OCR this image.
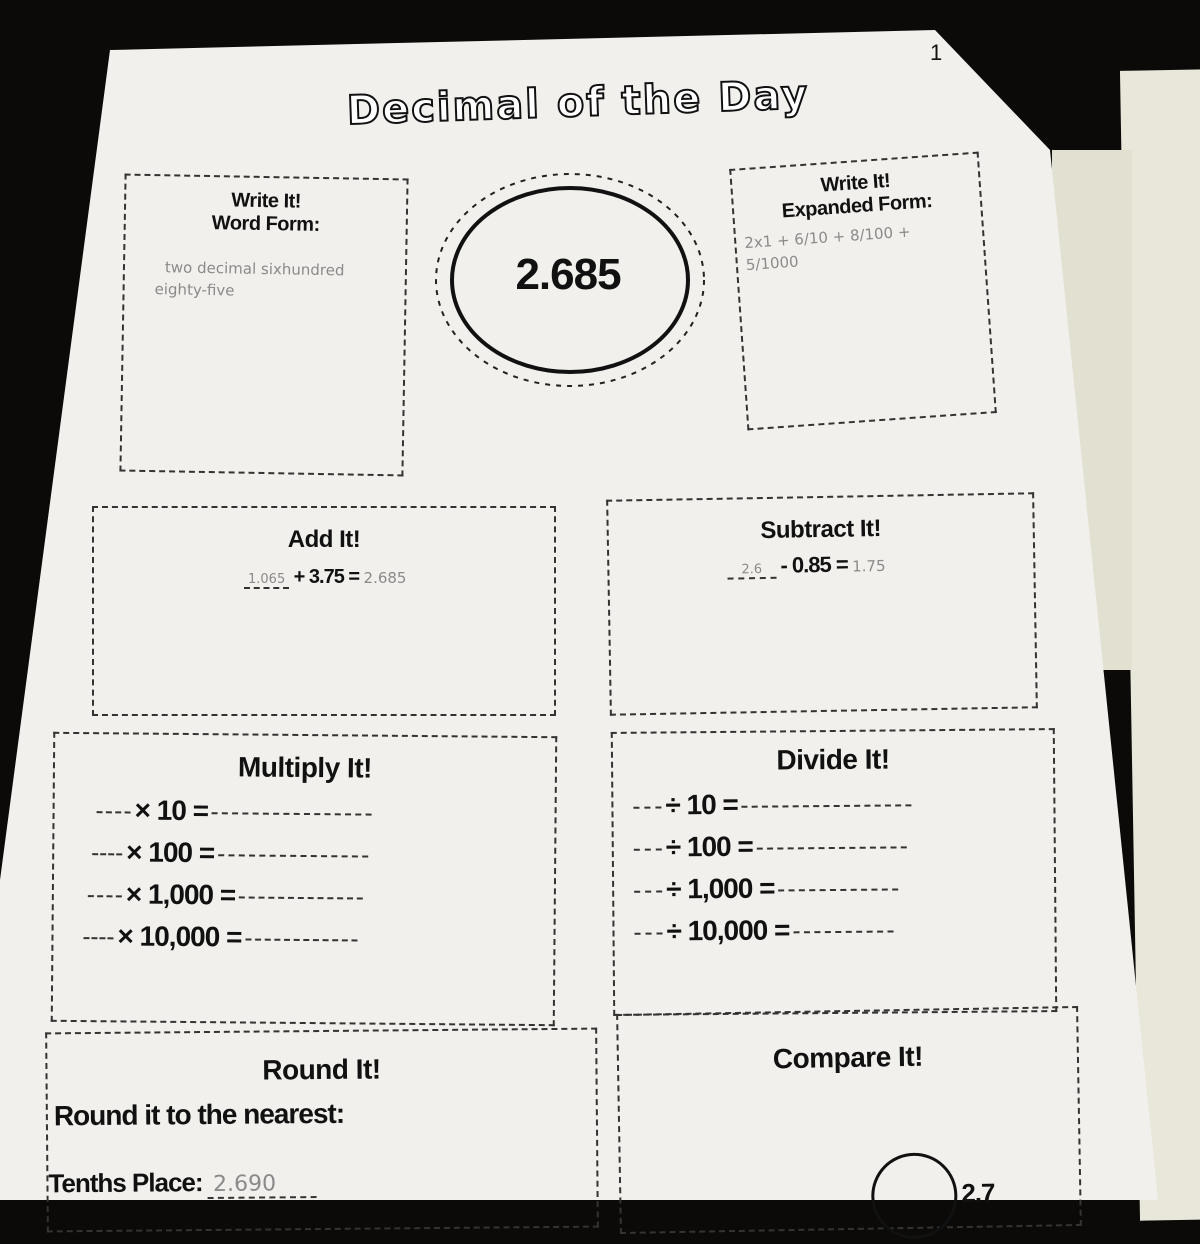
1
Decimal of the Day
Write It!
Word Form:
two decimal sixhundred
eighty-five	2.685
Write It!
Expanded Form:
2x1 + 6/10 + 8/100 +
5/1000
Add It!
1.065 + 3.75 = 2.685
Subtract It!
2.6 - 0.85 = 1.75
Multiply It!
× 10 =
× 100 =
× 1,000 =
× 10,000 =
Divide It!
÷ 10 =
÷ 100 =
÷ 1,000 =
÷ 10,000 =
Round It!
Round it to the nearest:
Tenths Place: 2.690
Compare It!
2.7
